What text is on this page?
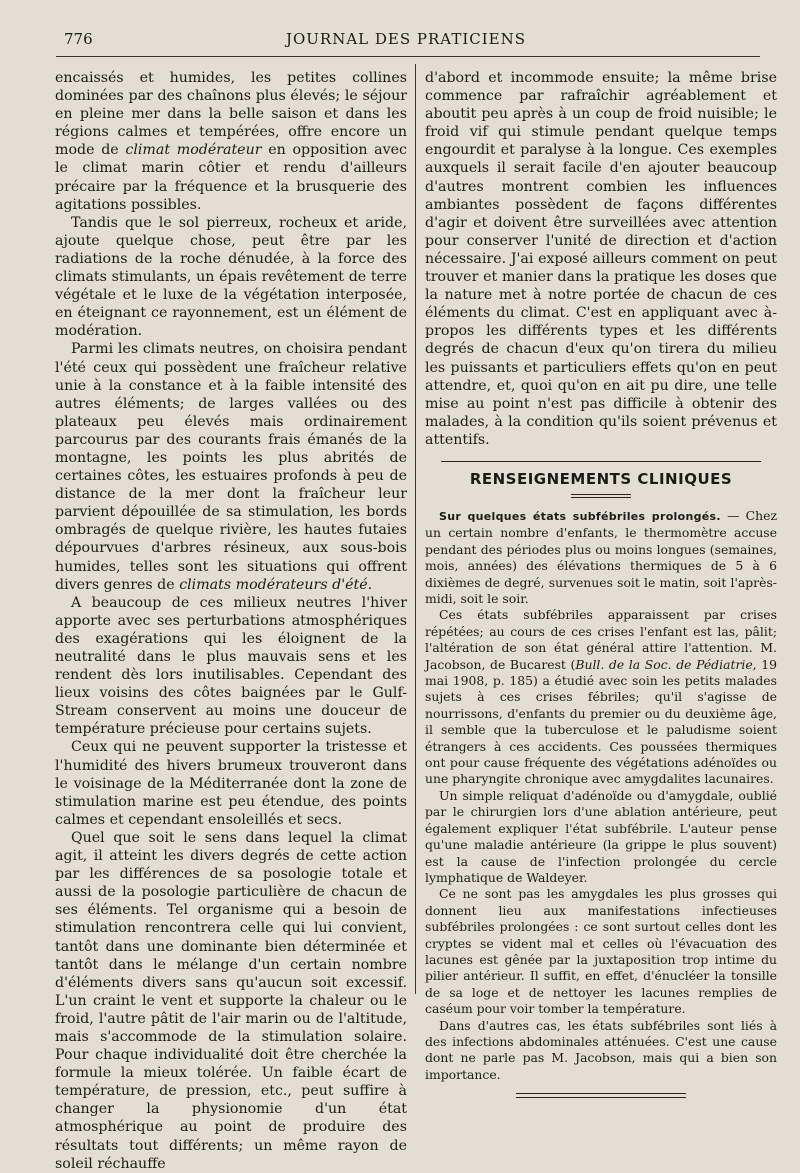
776	JOURNAL DES PRATICIENS

encaissés et humides, les petites collines dominées par des chaînons plus élevés; le séjour en pleine mer dans la belle saison et dans les régions calmes et tempérées, offre encore un mode de climat modérateur en opposition avec le climat marin côtier et rendu d'ailleurs précaire par la fréquence et la brusquerie des agitations possibles.

Tandis que le sol pierreux, rocheux et aride, ajoute quelque chose, peut être par les radiations de la roche dénudée, à la force des climats stimulants, un épais revêtement de terre végétale et le luxe de la végétation interposée, en éteignant ce rayonnement, est un élément de modération.

Parmi les climats neutres, on choisira pendant l'été ceux qui possèdent une fraîcheur relative unie à la constance et à la faible intensité des autres éléments; de larges vallées ou des plateaux peu élevés mais ordinairement parcourus par des courants frais émanés de la montagne, les points les plus abrités de certaines côtes, les estuaires profonds à peu de distance de la mer dont la fraîcheur leur parvient dépouillée de sa stimulation, les bords ombragés de quelque rivière, les hautes futaies dépourvues d'arbres résineux, aux sous-bois humides, telles sont les situations qui offrent divers genres de climats modérateurs d'été.

A beaucoup de ces milieux neutres l'hiver apporte avec ses perturbations atmosphériques des exagérations qui les éloignent de la neutralité dans le plus mauvais sens et les rendent dès lors inutilisables. Cependant des lieux voisins des côtes baignées par le Gulf-Stream conservent au moins une douceur de température précieuse pour certains sujets.

Ceux qui ne peuvent supporter la tristesse et l'humidité des hivers brumeux trouveront dans le voisinage de la Méditerranée dont la zone de stimulation marine est peu étendue, des points calmes et cependant ensoleillés et secs.

Quel que soit le sens dans lequel la climat agit, il atteint les divers degrés de cette action par les différences de sa posologie totale et aussi de la posologie particulière de chacun de ses éléments. Tel organisme qui a besoin de stimulation rencontrera celle qui lui convient, tantôt dans une dominante bien déterminée et tantôt dans le mélange d'un certain nombre d'éléments divers sans qu'aucun soit excessif. L'un craint le vent et supporte la chaleur ou le froid, l'autre pâtit de l'air marin ou de l'altitude, mais s'accommode de la stimulation solaire. Pour chaque individualité doit être cherchée la formule la mieux tolérée. Un faible écart de température, de pression, etc., peut suffire à changer la physionomie d'un état atmosphérique au point de produire des résultats tout différents; un même rayon de soleil réchauffe

d'abord et incommode ensuite; la même brise commence par rafraîchir agréablement et aboutit peu après à un coup de froid nuisible; le froid vif qui stimule pendant quelque temps engourdit et paralyse à la longue. Ces exemples auxquels il serait facile d'en ajouter beaucoup d'autres montrent combien les influences ambiantes possèdent de façons différentes d'agir et doivent être surveillées avec attention pour conserver l'unité de direction et d'action nécessaire. J'ai exposé ailleurs comment on peut trouver et manier dans la pratique les doses que la nature met à notre portée de chacun de ces éléments du climat. C'est en appliquant avec à-propos les différents types et les différents degrés de chacun d'eux qu'on tirera du milieu les puissants et particuliers effets qu'on en peut attendre, et, quoi qu'on en ait pu dire, une telle mise au point n'est pas difficile à obtenir des malades, à la condition qu'ils soient prévenus et attentifs.

RENSEIGNEMENTS CLINIQUES

Sur quelques états subfébriles prolongés. — Chez un certain nombre d'enfants, le thermomètre accuse pendant des périodes plus ou moins longues (semaines, mois, années) des élévations thermiques de 5 à 6 dixièmes de degré, survenues soit le matin, soit l'après-midi, soit le soir.

Ces états subfébriles apparaissent par crises répétées; au cours de ces crises l'enfant est las, pâlit; l'altération de son état général attire l'attention. M. Jacobson, de Bucarest (Bull. de la Soc. de Pédiatrie, 19 mai 1908, p. 185) a étudié avec soin les petits malades sujets à ces crises fébriles; qu'il s'agisse de nourrissons, d'enfants du premier ou du deuxième âge, il semble que la tuberculose et le paludisme soient étrangers à ces accidents. Ces poussées thermiques ont pour cause fréquente des végétations adénoïdes ou une pharyngite chronique avec amygdalites lacunaires.

Un simple reliquat d'adénoïde ou d'amygdale, oublié par le chirurgien lors d'une ablation antérieure, peut également expliquer l'état subfébrile. L'auteur pense qu'une maladie antérieure (la grippe le plus souvent) est la cause de l'infection prolongée du cercle lymphatique de Waldeyer.

Ce ne sont pas les amygdales les plus grosses qui donnent lieu aux manifestations infectieuses subfébriles prolongées : ce sont surtout celles dont les cryptes se vident mal et celles où l'évacuation des lacunes est gênée par la juxtaposition trop intime du pilier antérieur. Il suffit, en effet, d'énucléer la tonsille de sa loge et de nettoyer les lacunes remplies de caséum pour voir tomber la température.

Dans d'autres cas, les états subfébriles sont liés à des infections abdominales atténuées. C'est une cause dont ne parle pas M. Jacobson, mais qui a bien son importance.
